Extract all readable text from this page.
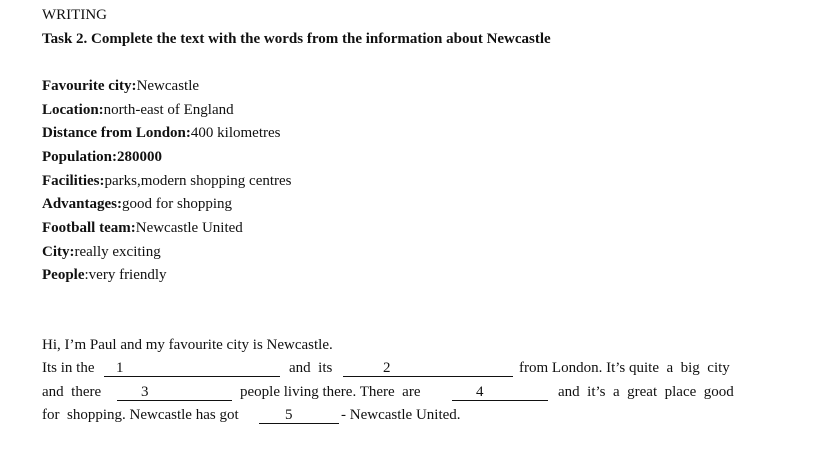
WRITING
Task 2. Complete the text with the words from the information about Newcastle
Favourite city:Newcastle
Location:north-east of England
Distance from London:400 kilometres
Population:280000
Facilities:parks,modern shopping centres
Advantages:good for shopping
Football team:Newcastle United
City:really exciting
People:very friendly
Hi, I’m Paul and my favourite city is Newcastle.
Its in the 1	and  its	2	from London. It’s quite  a  big  city
and  there	3	people living there. There  are	4	and  it’s  a  great  place  good
for  shopping. Newcastle has got	5	- Newcastle United.
